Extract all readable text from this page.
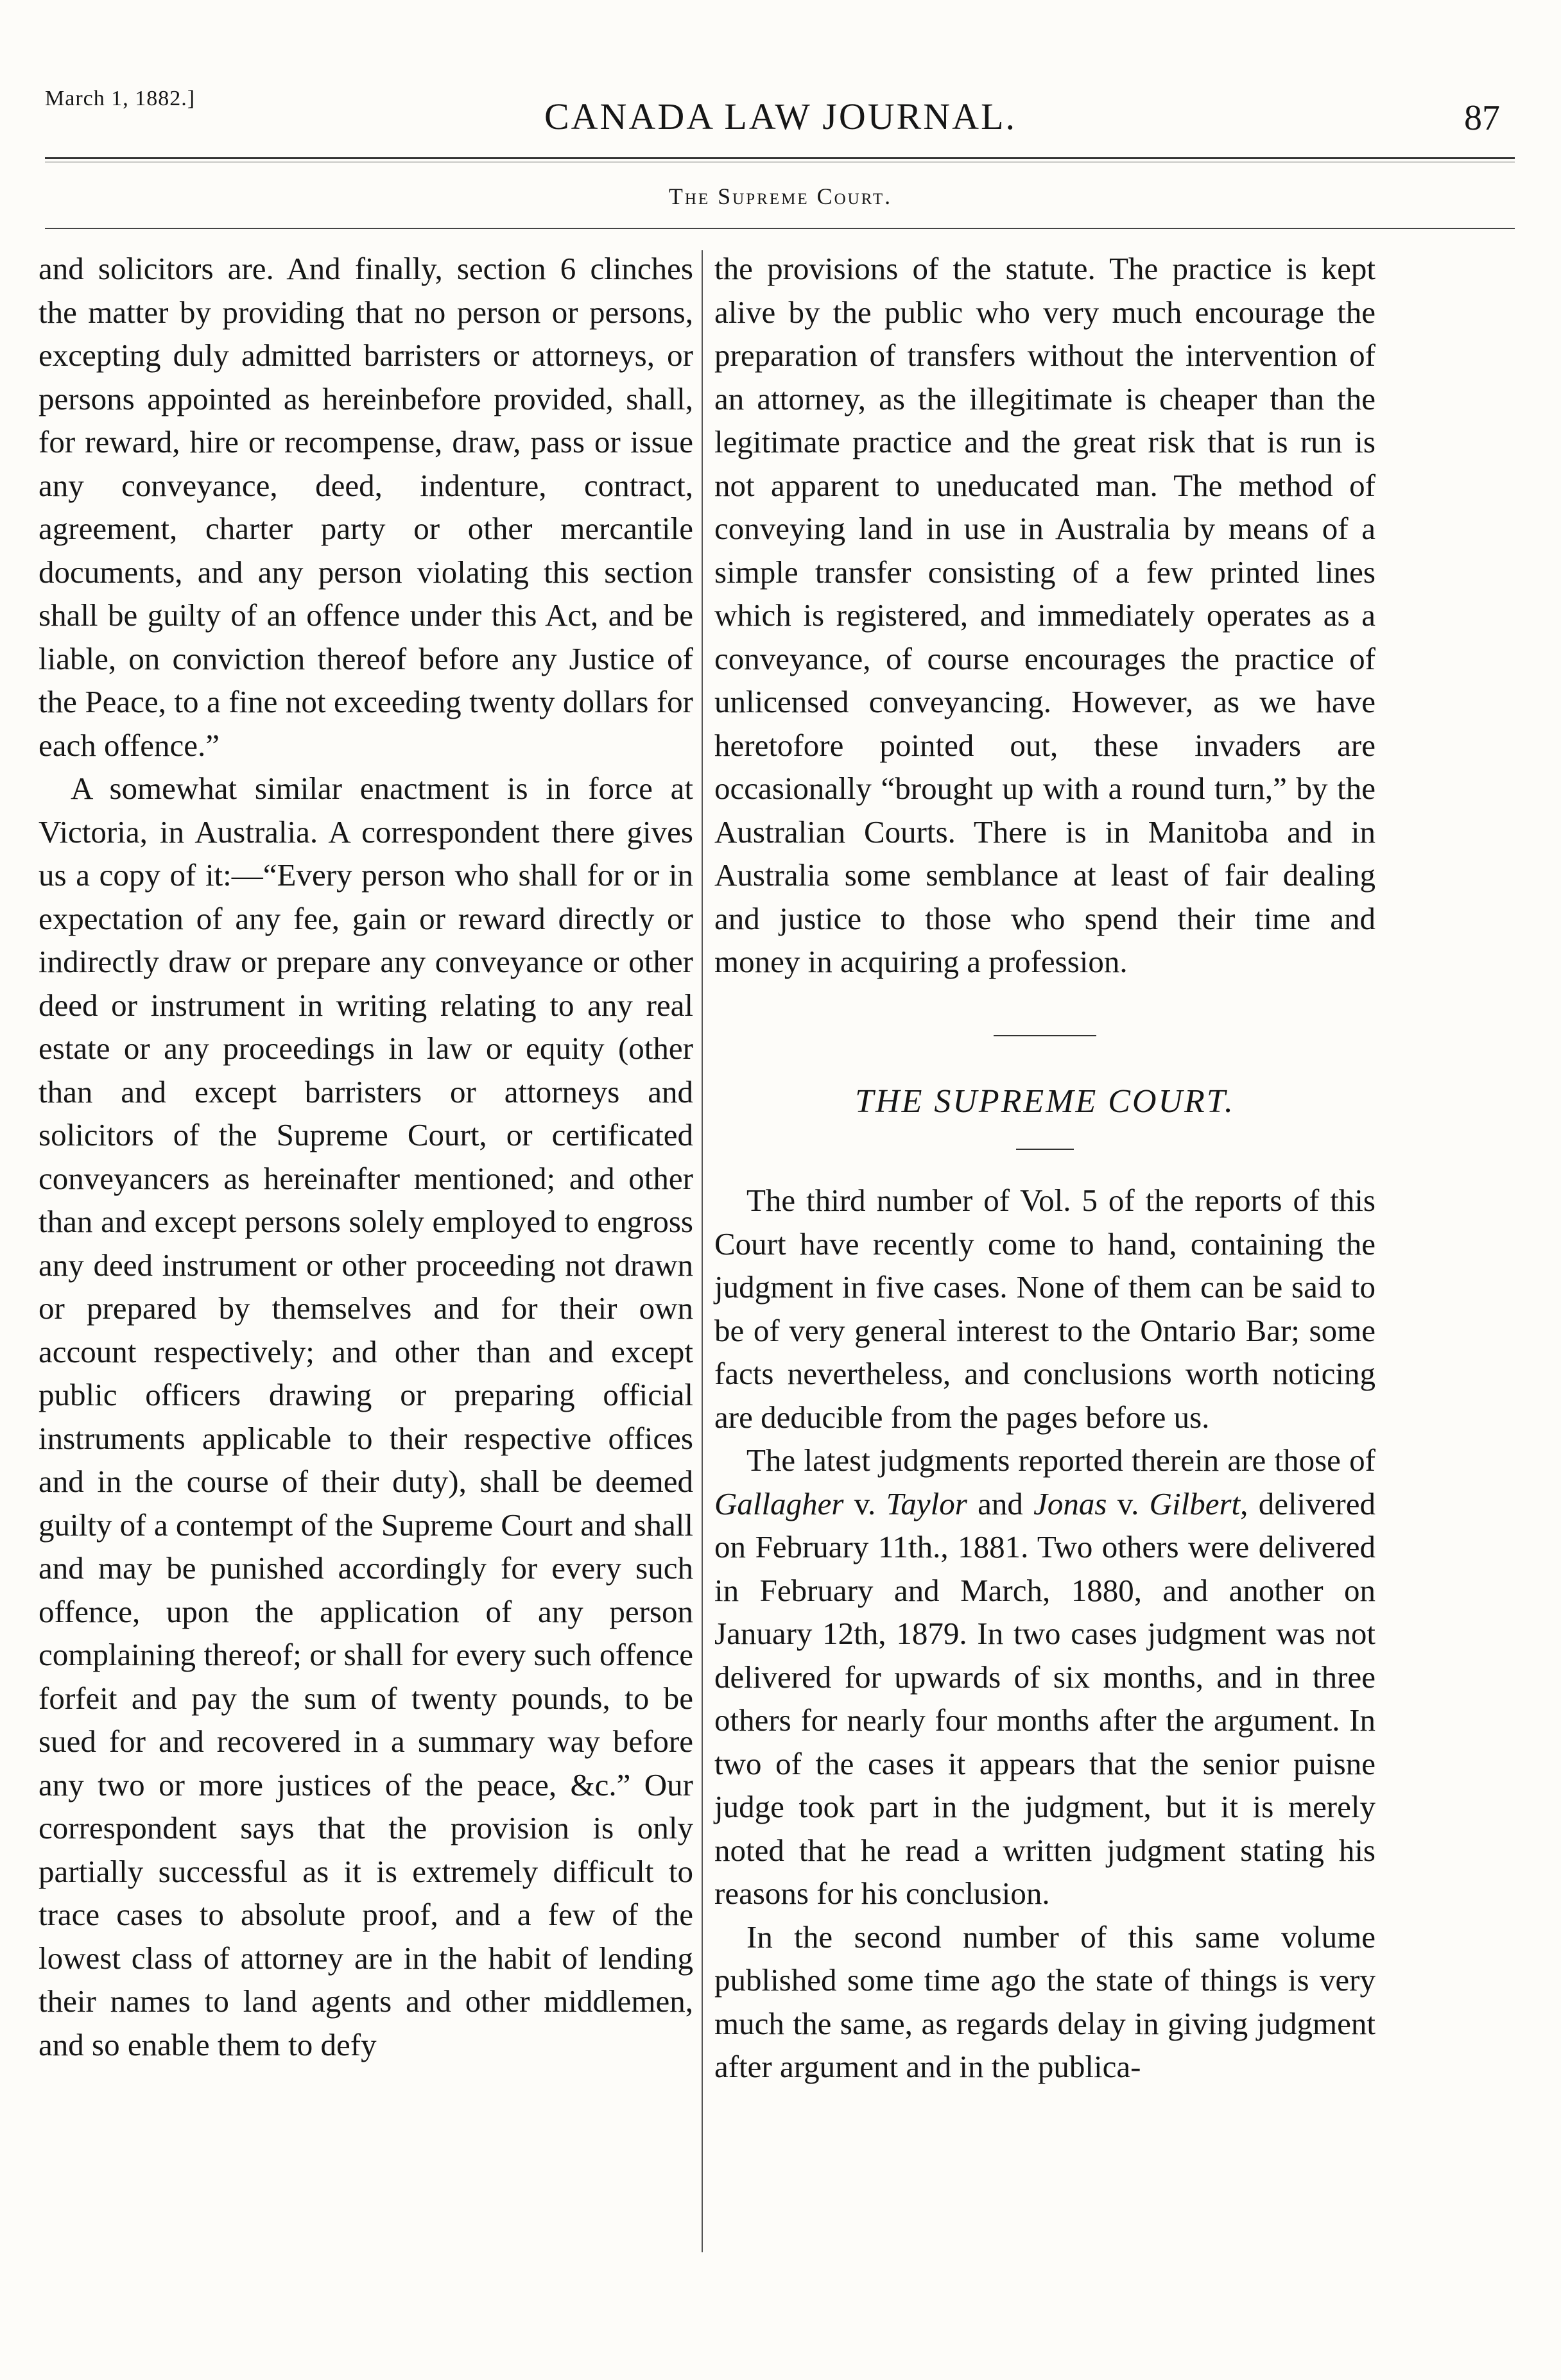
March 1, 1882.]	CANADA LAW JOURNAL.	87
The Supreme Court.

and solicitors are. And finally, section 6 clinches the matter by providing that no person or persons, excepting duly admitted barristers or attorneys, or persons appointed as hereinbefore provided, shall, for reward, hire or recompense, draw, pass or issue any conveyance, deed, indenture, contract, agreement, charter party or other mercantile documents, and any person violating this section shall be guilty of an offence under this Act, and be liable, on conviction thereof before any Justice of the Peace, to a fine not exceeding twenty dollars for each offence.”

A somewhat similar enactment is in force at Victoria, in Australia. A correspondent there gives us a copy of it:—“Every person who shall for or in expectation of any fee, gain or reward directly or indirectly draw or prepare any conveyance or other deed or instrument in writing relating to any real estate or any proceedings in law or equity (other than and except barristers or attorneys and solicitors of the Supreme Court, or certificated conveyancers as hereinafter mentioned; and other than and except persons solely employed to engross any deed instrument or other proceeding not drawn or prepared by themselves and for their own account respectively; and other than and except public officers drawing or preparing official instruments applicable to their respective offices and in the course of their duty), shall be deemed guilty of a contempt of the Supreme Court and shall and may be punished accordingly for every such offence, upon the application of any person complaining thereof; or shall for every such offence forfeit and pay the sum of twenty pounds, to be sued for and recovered in a summary way before any two or more justices of the peace, &c.” Our correspondent says that the provision is only partially successful as it is extremely difficult to trace cases to absolute proof, and a few of the lowest class of attorney are in the habit of lending their names to land agents and other middlemen, and so enable them to defy

the provisions of the statute. The practice is kept alive by the public who very much encourage the preparation of transfers without the intervention of an attorney, as the illegitimate is cheaper than the legitimate practice and the great risk that is run is not apparent to uneducated man. The method of conveying land in use in Australia by means of a simple transfer consisting of a few printed lines which is registered, and immediately operates as a conveyance, of course encourages the practice of unlicensed conveyancing. However, as we have heretofore pointed out, these invaders are occasionally “brought up with a round turn,” by the Australian Courts. There is in Manitoba and in Australia some semblance at least of fair dealing and justice to those who spend their time and money in acquiring a profession.

THE SUPREME COURT.

The third number of Vol. 5 of the reports of this Court have recently come to hand, containing the judgment in five cases. None of them can be said to be of very general interest to the Ontario Bar; some facts nevertheless, and conclusions worth noticing are deducible from the pages before us.

The latest judgments reported therein are those of Gallagher v. Taylor and Jonas v. Gilbert, delivered on February 11th., 1881. Two others were delivered in February and March, 1880, and another on January 12th, 1879. In two cases judgment was not delivered for upwards of six months, and in three others for nearly four months after the argument. In two of the cases it appears that the senior puisne judge took part in the judgment, but it is merely noted that he read a written judgment stating his reasons for his conclusion.

In the second number of this same volume published some time ago the state of things is very much the same, as regards delay in giving judgment after argument and in the publica-
